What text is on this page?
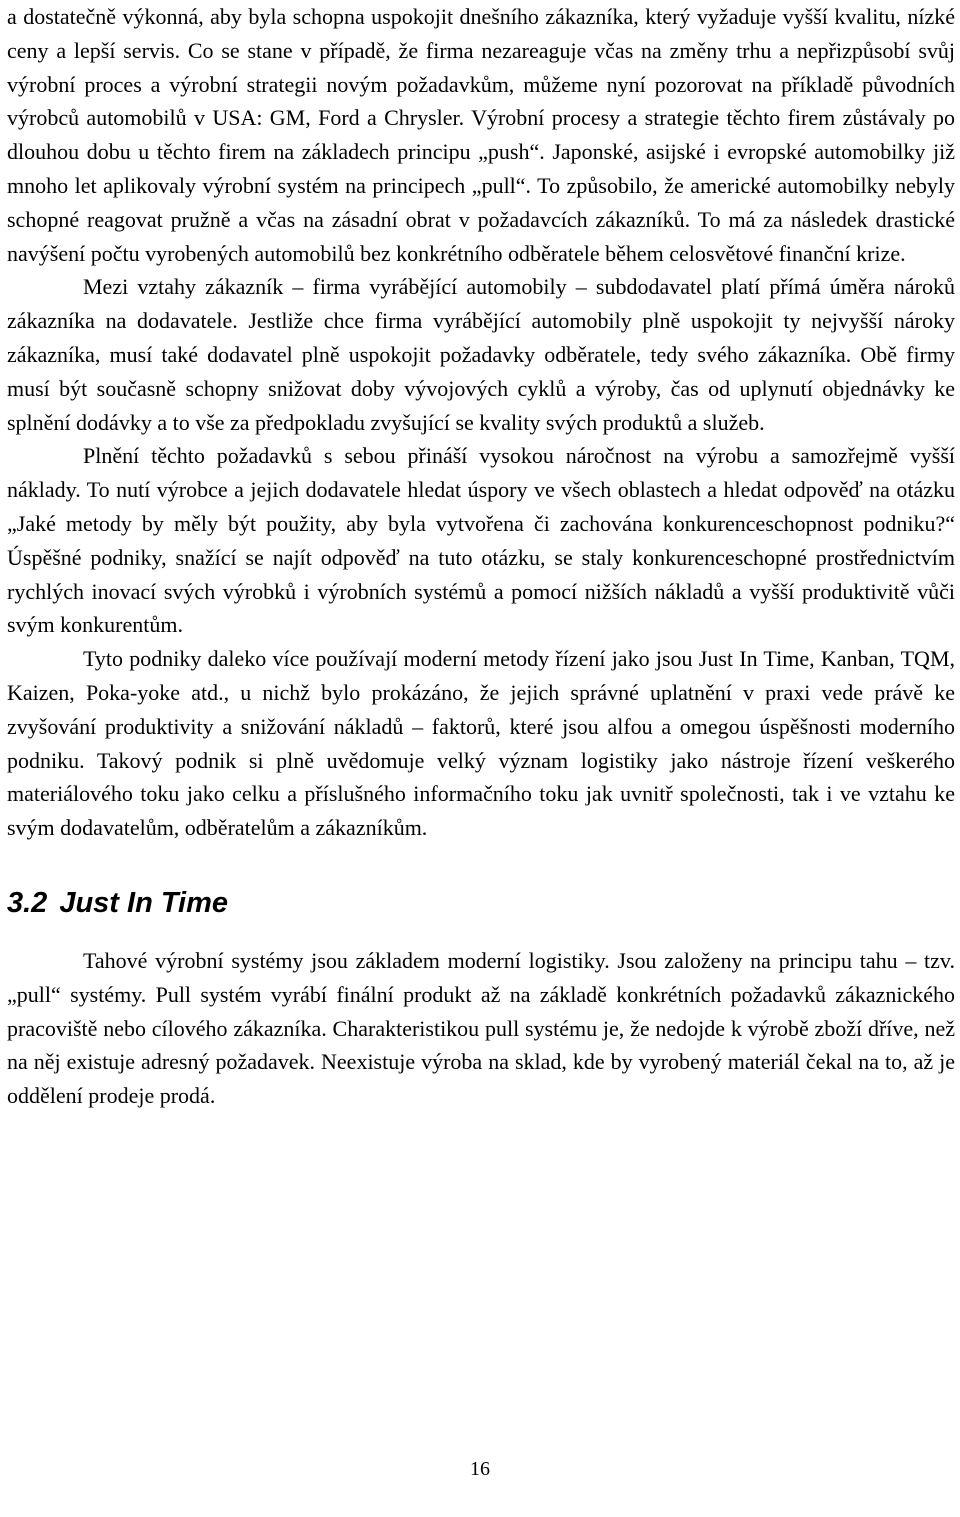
a dostatečně výkonná, aby byla schopna uspokojit dnešního zákazníka, který vyžaduje vyšší kvalitu, nízké ceny a lepší servis. Co se stane v případě, že firma nezareaguje včas na změny trhu a nepřizpůsobí svůj výrobní proces a výrobní strategii novým požadavkům, můžeme nyní pozorovat na příkladě původních výrobců automobilů v USA: GM, Ford a Chrysler. Výrobní procesy a strategie těchto firem zůstávaly po dlouhou dobu u těchto firem na základech principu „push“. Japonské, asijské i evropské automobilky již mnoho let aplikovaly výrobní systém na principech „pull“. To způsobilo, že americké automobilky nebyly schopné reagovat pružně a včas na zásadní obrat v požadavcích zákazníků. To má za následek drastické navýšení počtu vyrobených automobilů bez konkrétního odběratele během celosvětové finanční krize.

Mezi vztahy zákazník – firma vyrábějící automobily – subdodavatel platí přímá úměra nároků zákazníka na dodavatele. Jestliže chce firma vyrábějící automobily plně uspokojit ty nejvyšší nároky zákazníka, musí také dodavatel plně uspokojit požadavky odběratele, tedy svého zákazníka. Obě firmy musí být současně schopny snižovat doby vývojových cyklů a výroby, čas od uplynutí objednávky ke splnění dodávky a to vše za předpokladu zvyšující se kvality svých produktů a služeb.

Plnění těchto požadavků s sebou přináší vysokou náročnost na výrobu a samozřejmě vyšší náklady. To nutí výrobce a jejich dodavatele hledat úspory ve všech oblastech a hledat odpověď na otázku „Jaké metody by měly být použity, aby byla vytvořena či zachována konkurenceschopnost podniku?“ Úspěšné podniky, snažící se najít odpověď na tuto otázku, se staly konkurenceschopné prostřednictvím rychlých inovací svých výrobků i výrobních systémů a pomocí nižších nákladů a vyšší produktivitě vůči svým konkurentům.

Tyto podniky daleko více používají moderní metody řízení jako jsou Just In Time, Kanban, TQM, Kaizen, Poka-yoke atd., u nichž bylo prokázáno, že jejich správné uplatnění v praxi vede právě ke zvyšování produktivity a snižování nákladů – faktorů, které jsou alfou a omegou úspěšnosti moderního podniku. Takový podnik si plně uvědomuje velký význam logistiky jako nástroje řízení veškerého materiálového toku jako celku a příslušného informačního toku jak uvnitř společnosti, tak i ve vztahu ke svým dodavatelům, odběratelům a zákazníkům.

3.2 Just In Time

Tahové výrobní systémy jsou základem moderní logistiky. Jsou založeny na principu tahu – tzv. „pull“ systémy. Pull systém vyrábí finální produkt až na základě konkrétních požadavků zákaznického pracoviště nebo cílového zákazníka. Charakteristikou pull systému je, že nedojde k výrobě zboží dříve, než na něj existuje adresný požadavek. Neexistuje výroba na sklad, kde by vyrobený materiál čekal na to, až je oddělení prodeje prodá.

16
